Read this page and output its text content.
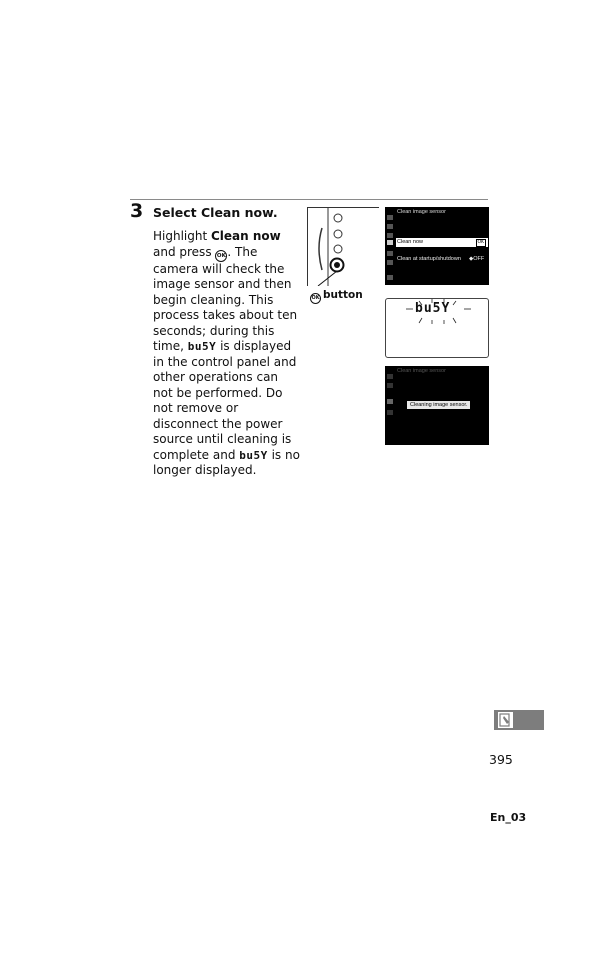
3 Select Clean now.
Highlight Clean now and press OK . The camera will check the image sensor and then begin cleaning. This process takes about ten seconds; during this time, bu5Y is displayed in the control panel and other operations can not be performed. Do not remove or disconnect the power source until cleaning is complete and bu5Y is no longer displayed.
OK button
Clean image sensor
Clean now	OK
Clean at startup/shutdown ◆OFF
bu5Y
Clean image sensor
Cleaning image sensor.
395
En_03
